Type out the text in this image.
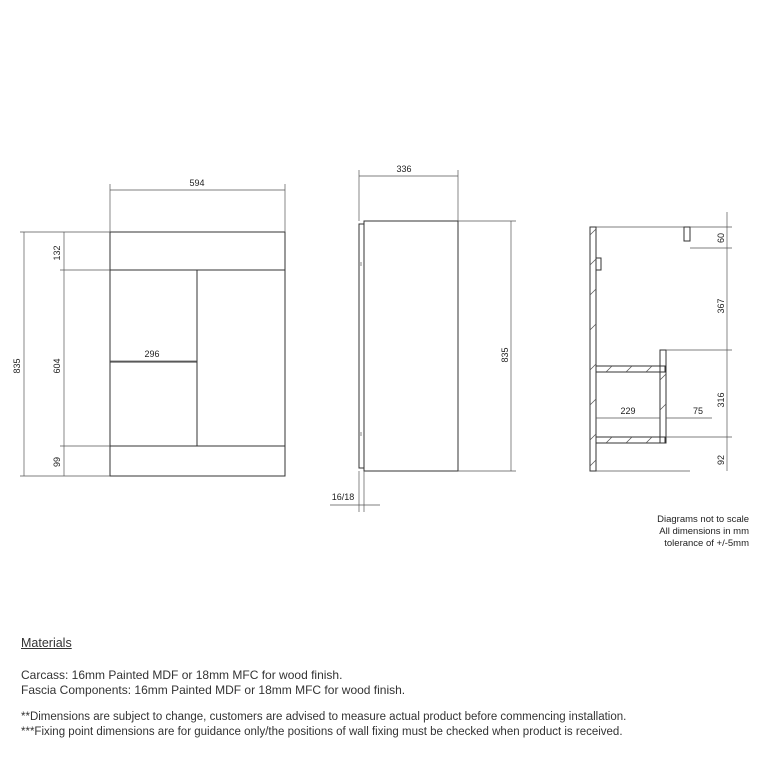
594
835
132
604
99
296
336
835
16/18
60
367
316
92
229	75
Diagrams not to scale
All dimensions in mm
tolerance of +/-5mm
Materials
Carcass: 16mm Painted MDF or 18mm MFC for wood finish.
Fascia Components: 16mm Painted MDF or 18mm MFC for wood finish.
**Dimensions are subject to change, customers are advised to measure actual product before commencing installation.
***Fixing point dimensions are for guidance only/the positions of wall fixing must be checked when product is received.
